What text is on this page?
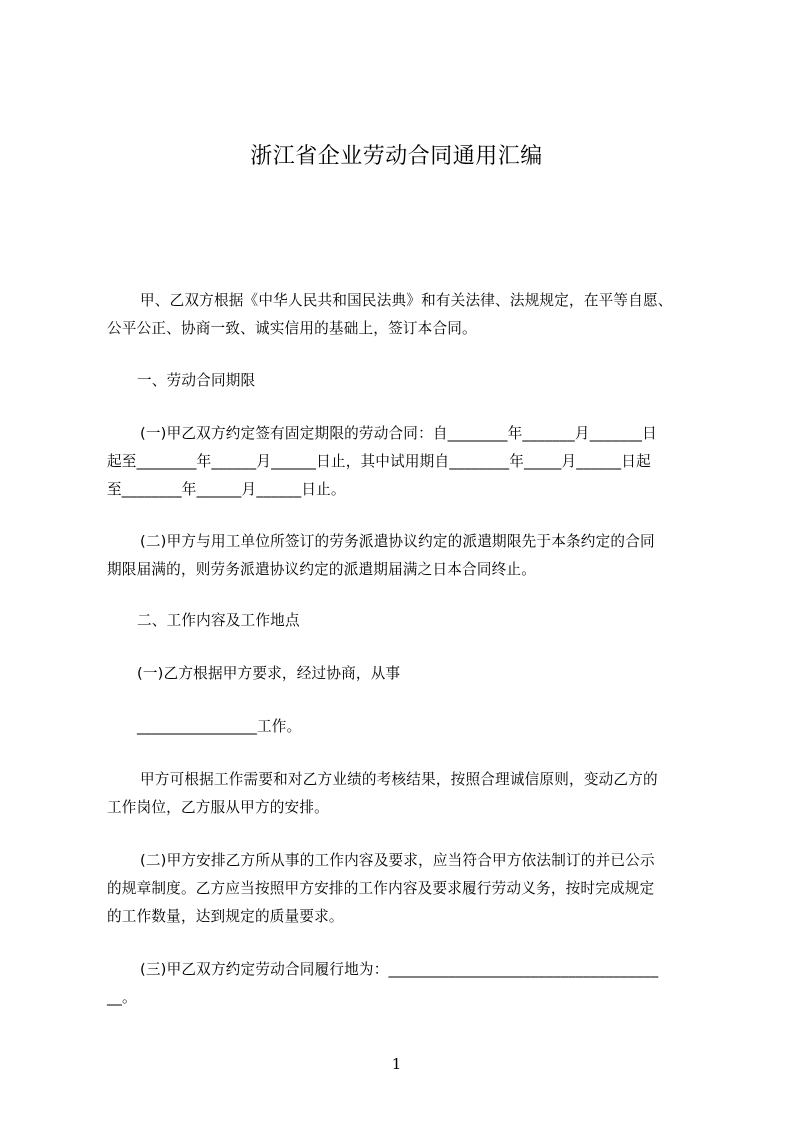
浙江省企业劳动合同通用汇编
甲、乙双方根据《中华人民共和国民法典》和有关法律、法规规定，在平等自愿、
公平公正、协商一致、诚实信用的基础上，签订本合同。
一、劳动合同期限
(一)甲乙双方约定签有固定期限的劳动合同：自________年_______月_______日
起至________年______月______日止，其中试用期自________年_____月______日起
至________年______月______日止。
(二)甲方与用工单位所签订的劳务派遣协议约定的派遣期限先于本条约定的合同
期限届满的，则劳务派遣协议约定的派遣期届满之日本合同终止。
二、工作内容及工作地点
(一)乙方根据甲方要求，经过协商，从事
________________工作。
甲方可根据工作需要和对乙方业绩的考核结果，按照合理诚信原则，变动乙方的
工作岗位，乙方服从甲方的安排。
(二)甲方安排乙方所从事的工作内容及要求，应当符合甲方依法制订的并已公示
的规章制度。乙方应当按照甲方安排的工作内容及要求履行劳动义务，按时完成规定
的工作数量，达到规定的质量要求。
(三)甲乙双方约定劳动合同履行地为：____________________________________
__。
1
